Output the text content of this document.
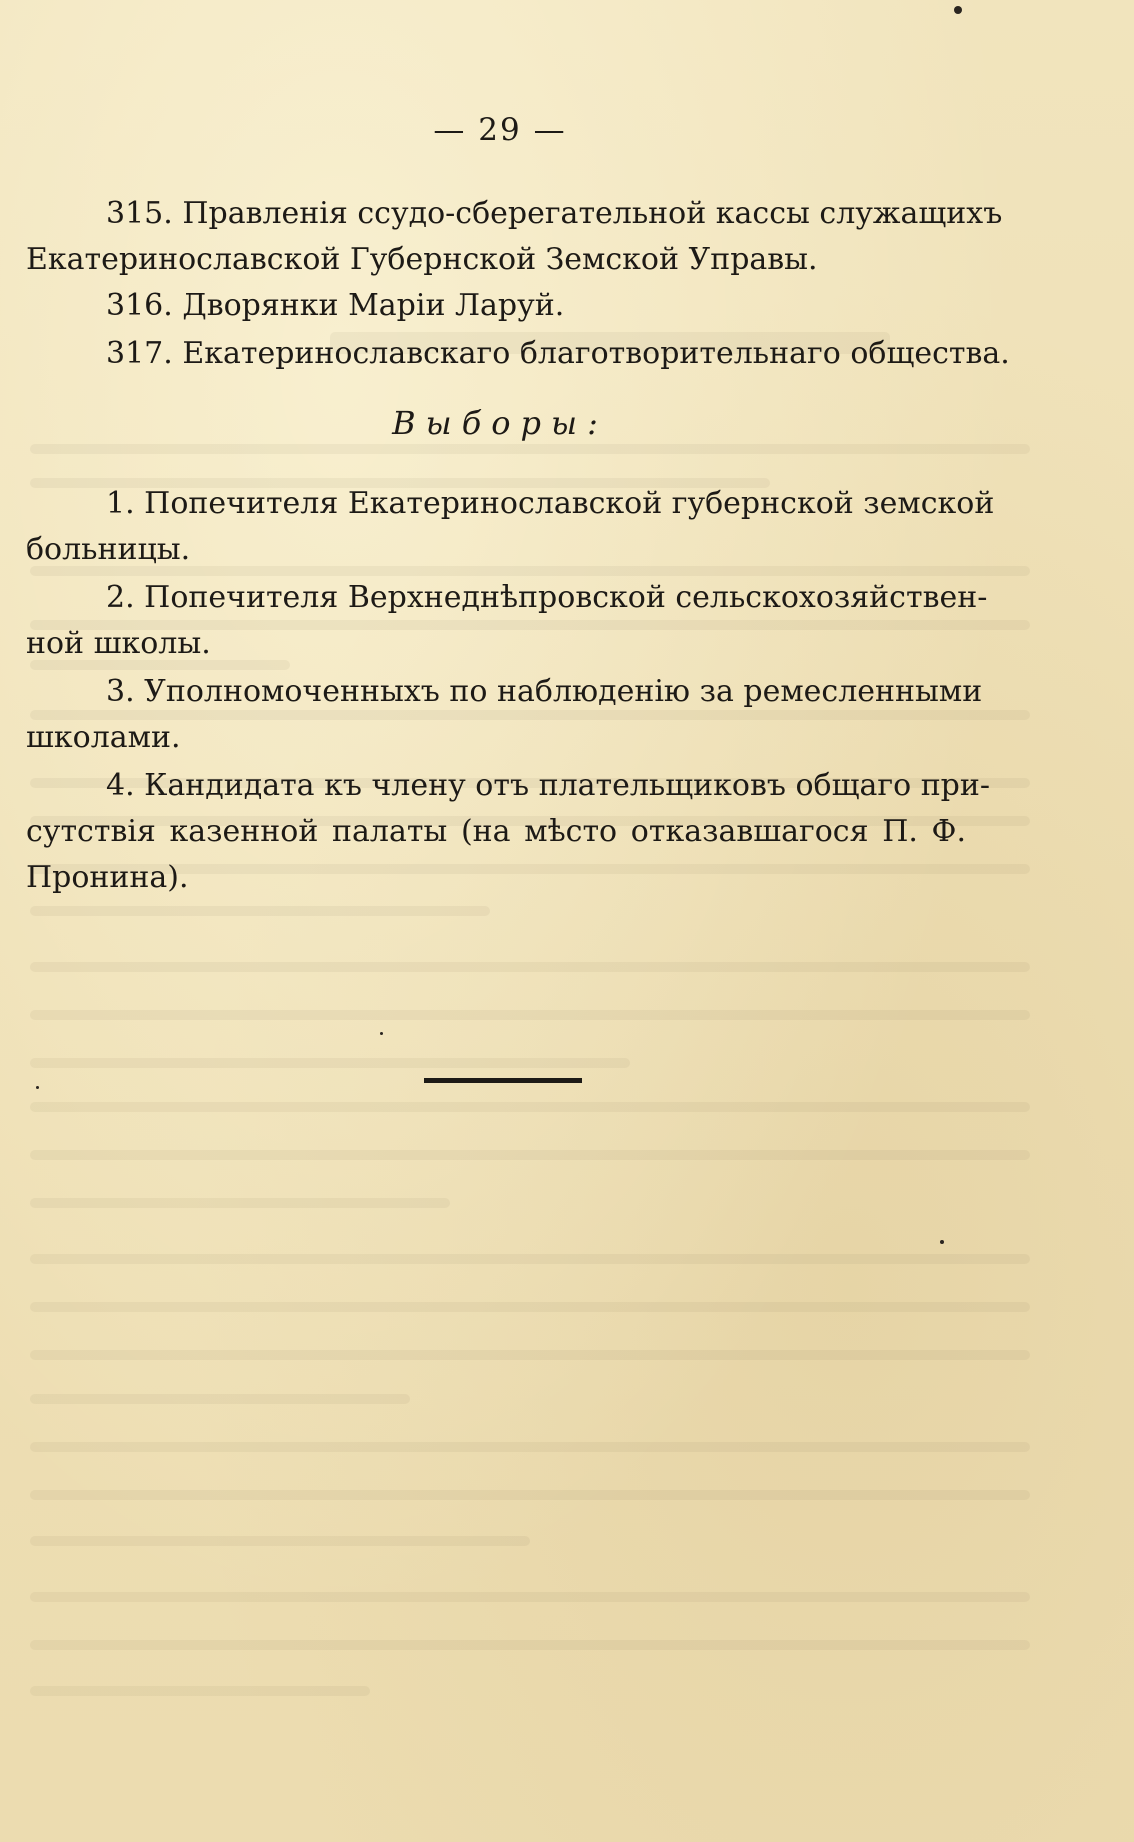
— 29 —
315. Правленія ссудо-сберегательной кассы служащихъ
Екатеринославской Губернской Земской Управы.
316. Дворянки Маріи Ларуй.
317. Екатеринославскаго благотворительнаго общества.
Выборы:
1. Попечителя Екатеринославской губернской земской
больницы.
2. Попечителя Верхнеднѣпровской сельскохозяйствен-
ной школы.
3. Уполномоченныхъ по наблюденію за ремесленными
школами.
4. Кандидата къ члену отъ плательщиковъ общаго при-
сутствія казенной палаты (на мѣсто отказавшагося П. Ф.
Пронина).
